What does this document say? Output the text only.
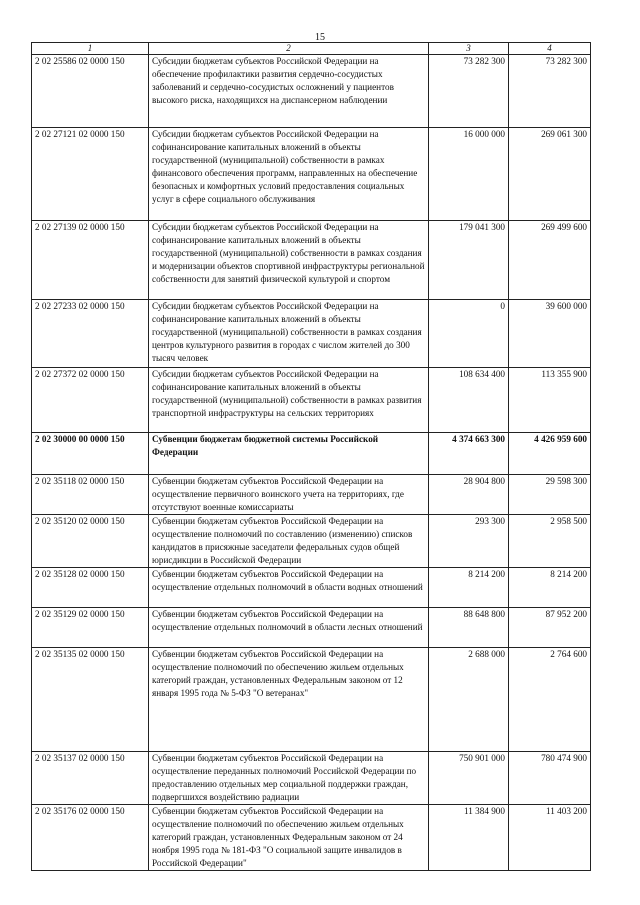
15
1	2	3	4
2 02 25586 02 0000 150	Субсидии бюджетам субъектов Российской Федерации на обеспечение профилактики развития сердечно-сосудистых заболеваний и сердечно-сосудистых осложнений у пациентов высокого риска, находящихся на диспансерном наблюдении	73 282 300	73 282 300
2 02 27121 02 0000 150	Субсидии бюджетам субъектов Российской Федерации на софинансирование капитальных вложений в объекты государственной (муниципальной) собственности в рамках финансового обеспечения программ, направленных на обеспечение безопасных и комфортных условий предоставления социальных услуг в сфере социального обслуживания	16 000 000	269 061 300
2 02 27139 02 0000 150	Субсидии бюджетам субъектов Российской Федерации на софинансирование капитальных вложений в объекты государственной (муниципальной) собственности в рамках создания и модернизации объектов спортивной инфраструктуры региональной собственности для занятий физической культурой и спортом	179 041 300	269 499 600
2 02 27233 02 0000 150	Субсидии бюджетам субъектов Российской Федерации на софинансирование капитальных вложений в объекты государственной (муниципальной) собственности в рамках создания центров культурного развития в городах с числом жителей до 300 тысяч человек	0	39 600 000
2 02 27372 02 0000 150	Субсидии бюджетам субъектов Российской Федерации на софинансирование капитальных вложений в объекты государственной (муниципальной) собственности в рамках развития транспортной инфраструктуры на сельских территориях	108 634 400	113 355 900
2 02 30000 00 0000 150	Субвенции бюджетам бюджетной системы Российской Федерации	4 374 663 300	4 426 959 600
2 02 35118 02 0000 150	Субвенции бюджетам субъектов Российской Федерации на осуществление первичного воинского учета на территориях, где отсутствуют военные комиссариаты	28 904 800	29 598 300
2 02 35120 02 0000 150	Субвенции бюджетам субъектов Российской Федерации на осуществление полномочий по составлению (изменению) списков кандидатов в присяжные заседатели федеральных судов общей юрисдикции в Российской Федерации	293 300	2 958 500
2 02 35128 02 0000 150	Субвенции бюджетам субъектов Российской Федерации на осуществление отдельных полномочий в области водных отношений	8 214 200	8 214 200
2 02 35129 02 0000 150	Субвенции бюджетам субъектов Российской Федерации на осуществление отдельных полномочий в области лесных отношений	88 648 800	87 952 200
2 02 35135 02 0000 150	Субвенции бюджетам субъектов Российской Федерации на осуществление полномочий по обеспечению жильем отдельных категорий граждан, установленных Федеральным законом от 12 января 1995 года № 5-ФЗ "О ветеранах"	2 688 000	2 764 600
2 02 35137 02 0000 150	Субвенции бюджетам субъектов Российской Федерации на осуществление переданных полномочий Российской Федерации по предоставлению отдельных мер социальной поддержки граждан, подвергшихся воздействию радиации	750 901 000	780 474 900
2 02 35176 02 0000 150	Субвенции бюджетам субъектов Российской Федерации на осуществление полномочий по обеспечению жильем отдельных категорий граждан, установленных Федеральным законом от 24 ноября 1995 года № 181-ФЗ "О социальной защите инвалидов в Российской Федерации"	11 384 900	11 403 200
